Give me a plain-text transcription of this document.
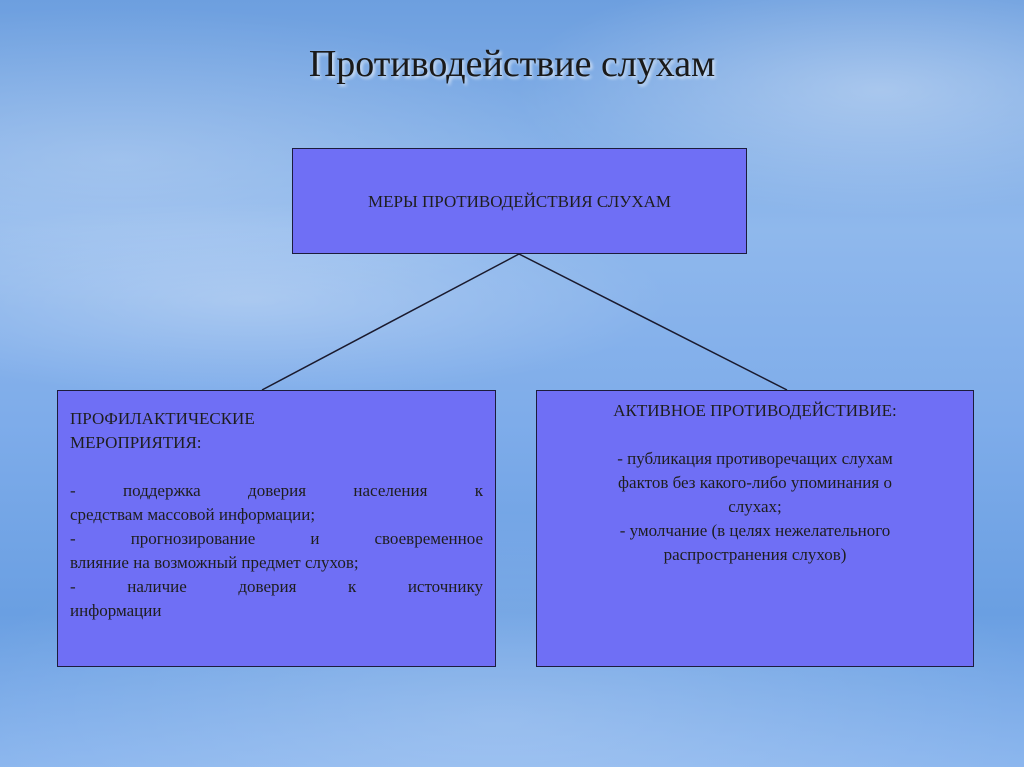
Противодействие слухам
МЕРЫ ПРОТИВОДЕЙСТВИЯ СЛУХАМ
ПРОФИЛАКТИЧЕСКИЕ
МЕРОПРИЯТИЯ:
- поддержка доверия населения к
средствам массовой информации;
- прогнозирование и своевременное
влияние на возможный предмет слухов;
- наличие доверия к источнику
информации
АКТИВНОЕ ПРОТИВОДЕЙСТИВИЕ:
- публикация противоречащих слухам
фактов без какого-либо упоминания о
слухах;
- умолчание (в целях нежелательного
распространения слухов)
